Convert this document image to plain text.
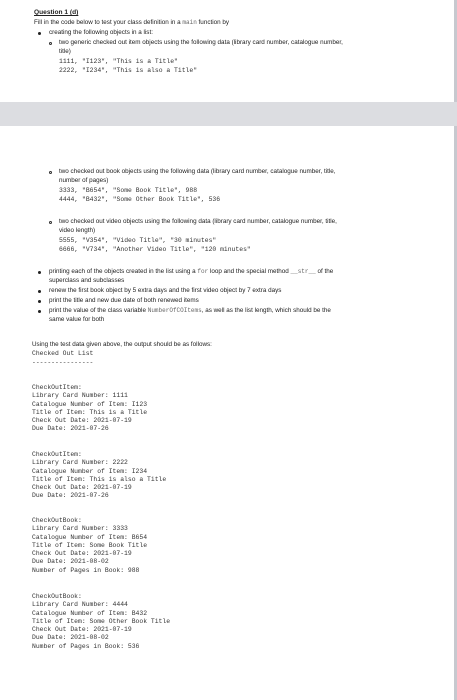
Question 1 (d)
Fill in the code below to test your class definition in a main function by
creating the following objects in a list:
two generic checked out item objects using the following data (library card number, catalogue number,
title)
1111, "I123", "This is a Title"
2222, "I234", "This is also a Title"
two checked out book objects using the following data (library card number, catalogue number, title,
number of pages)
3333, "B654", "Some Book Title", 988
4444, "B432", "Some Other Book Title", 536
two checked out video objects using the following data (library card number, catalogue number, title,
video length)
5555, "V354", "Video Title", "30 minutes"
6666, "V734", "Another Video Title", "120 minutes"
printing each of the objects created in the list using a for loop and the special method __str__ of the
superclass and subclasses
renew the first book object by 5 extra days and the first video object by 7 extra days
print the title and new due date of both renewed items
print the value of the class variable NumberOfCOItems, as well as the list length, which should be the
same value for both
Using the test data given above, the output should be as follows:
Checked Out List
----------------
CheckOutItem:
Library Card Number: 1111
Catalogue Number of Item: I123
Title of Item: This is a Title
Check Out Date: 2021-07-19
Due Date: 2021-07-26
CheckOutItem:
Library Card Number: 2222
Catalogue Number of Item: I234
Title of Item: This is also a Title
Check Out Date: 2021-07-19
Due Date: 2021-07-26
CheckOutBook:
Library Card Number: 3333
Catalogue Number of Item: B654
Title of Item: Some Book Title
Check Out Date: 2021-07-19
Due Date: 2021-08-02
Number of Pages in Book: 988
CheckOutBook:
Library Card Number: 4444
Catalogue Number of Item: B432
Title of Item: Some Other Book Title
Check Out Date: 2021-07-19
Due Date: 2021-08-02
Number of Pages in Book: 536
